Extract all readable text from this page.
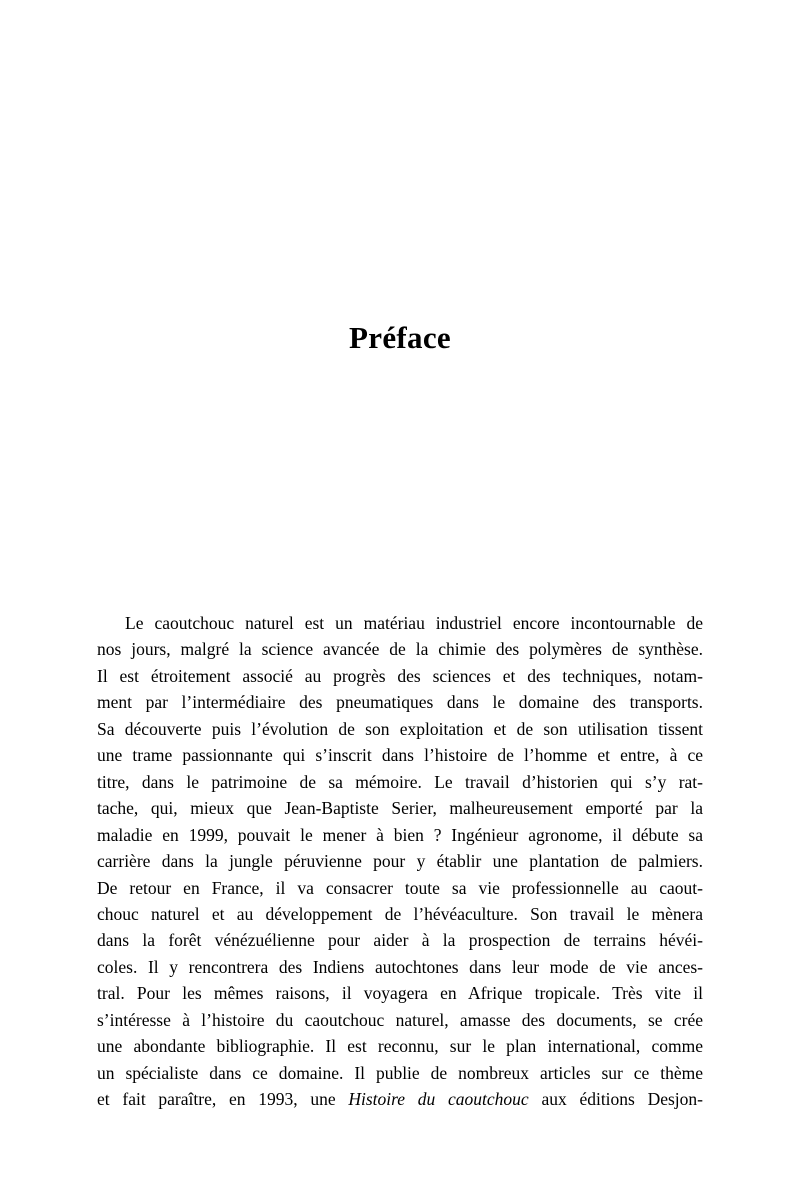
Préface
Le caoutchouc naturel est un matériau industriel encore incontournable de
nos jours, malgré la science avancée de la chimie des polymères de synthèse.
Il est étroitement associé au progrès des sciences et des techniques, notam-
ment par l’intermédiaire des pneumatiques dans le domaine des transports.
Sa découverte puis l’évolution de son exploitation et de son utilisation tissent
une trame passionnante qui s’inscrit dans l’histoire de l’homme et entre, à ce
titre, dans le patrimoine de sa mémoire. Le travail d’historien qui s’y rat-
tache, qui, mieux que Jean-Baptiste Serier, malheureusement emporté par la
maladie en 1999, pouvait le mener à bien ? Ingénieur agronome, il débute sa
carrière dans la jungle péruvienne pour y établir une plantation de palmiers.
De retour en France, il va consacrer toute sa vie professionnelle au caout-
chouc naturel et au développement de l’hévéaculture. Son travail le mènera
dans la forêt vénézuélienne pour aider à la prospection de terrains hévéi-
coles. Il y rencontrera des Indiens autochtones dans leur mode de vie ances-
tral. Pour les mêmes raisons, il voyagera en Afrique tropicale. Très vite il
s’intéresse à l’histoire du caoutchouc naturel, amasse des documents, se crée
une abondante bibliographie. Il est reconnu, sur le plan international, comme
un spécialiste dans ce domaine. Il publie de nombreux articles sur ce thème
et fait paraître, en 1993, une Histoire du caoutchouc aux éditions Desjon-
